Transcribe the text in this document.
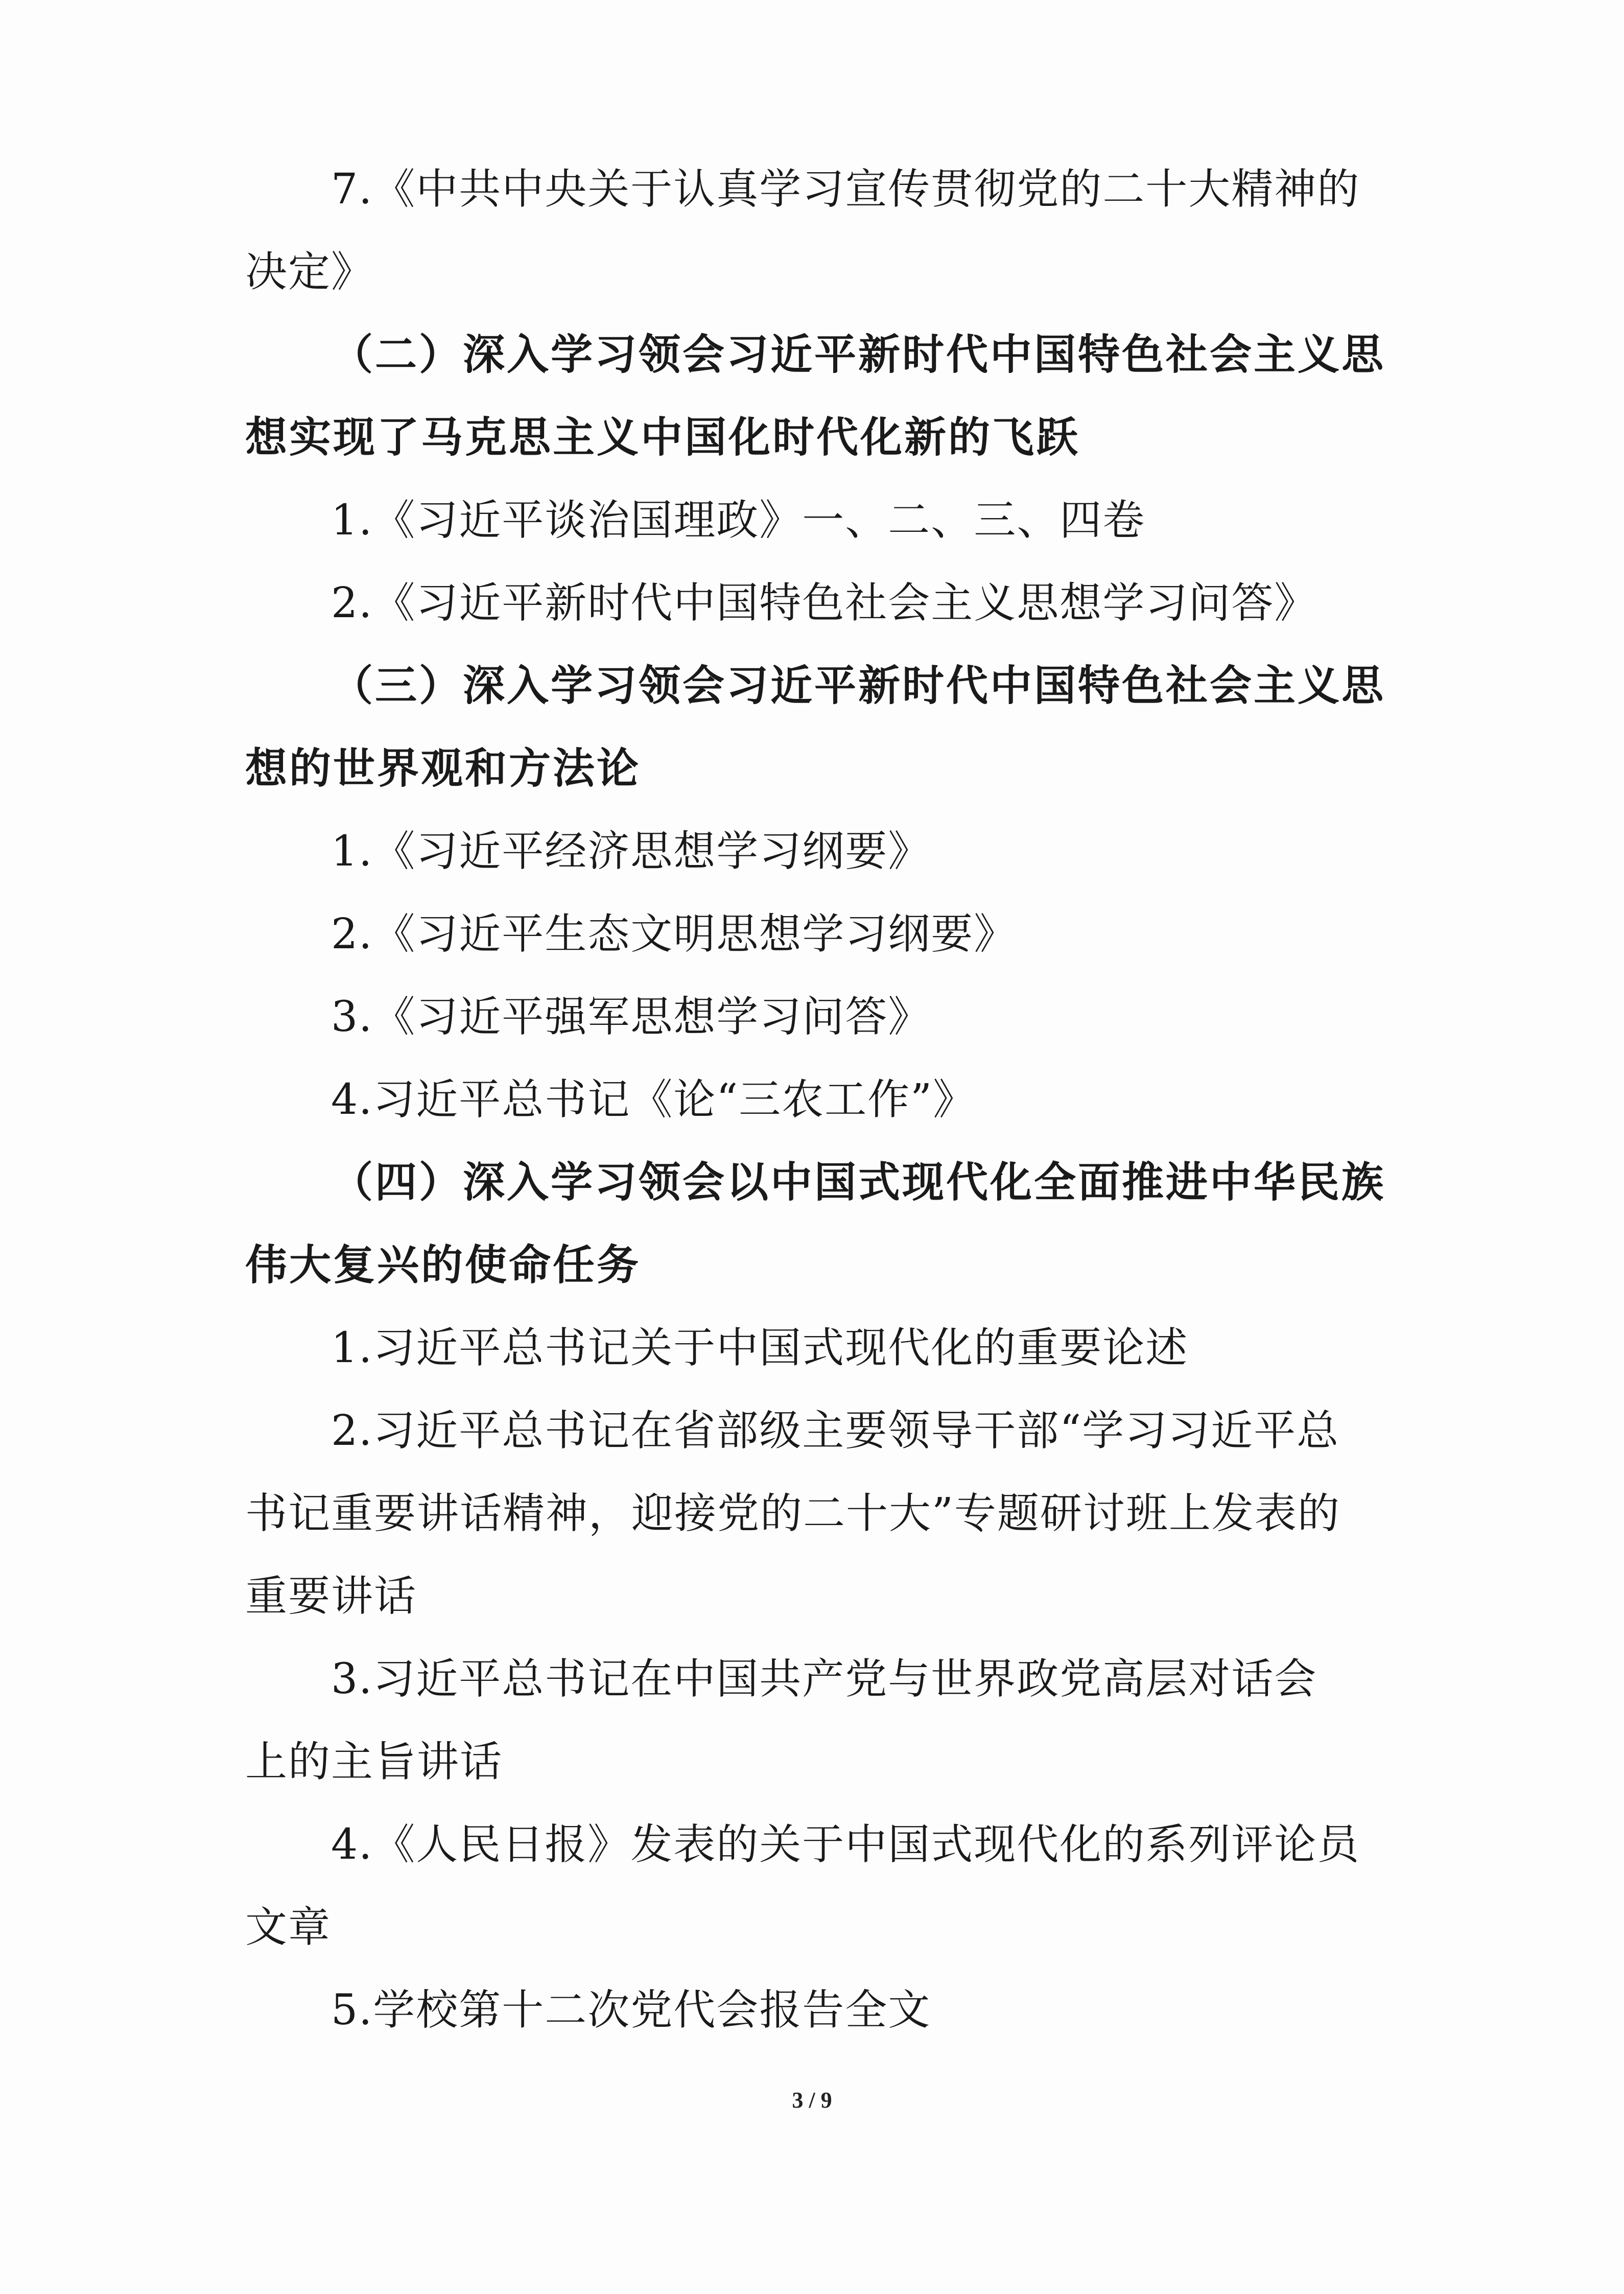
7.《中共中央关于认真学习宣传贯彻党的二十大精神的
决定》
（二）深入学习领会习近平新时代中国特色社会主义思
想实现了马克思主义中国化时代化新的飞跃
1.《习近平谈治国理政》一、二、三、四卷
2.《习近平新时代中国特色社会主义思想学习问答》
（三）深入学习领会习近平新时代中国特色社会主义思
想的世界观和方法论
1.《习近平经济思想学习纲要》
2.《习近平生态文明思想学习纲要》
3.《习近平强军思想学习问答》
4.习近平总书记《论“三农工作”》
（四）深入学习领会以中国式现代化全面推进中华民族
伟大复兴的使命任务
1.习近平总书记关于中国式现代化的重要论述
2.习近平总书记在省部级主要领导干部“学习习近平总
书记重要讲话精神，迎接党的二十大”专题研讨班上发表的
重要讲话
3.习近平总书记在中国共产党与世界政党高层对话会
上的主旨讲话
4.《人民日报》发表的关于中国式现代化的系列评论员
文章
5.学校第十二次党代会报告全文
3 / 9
